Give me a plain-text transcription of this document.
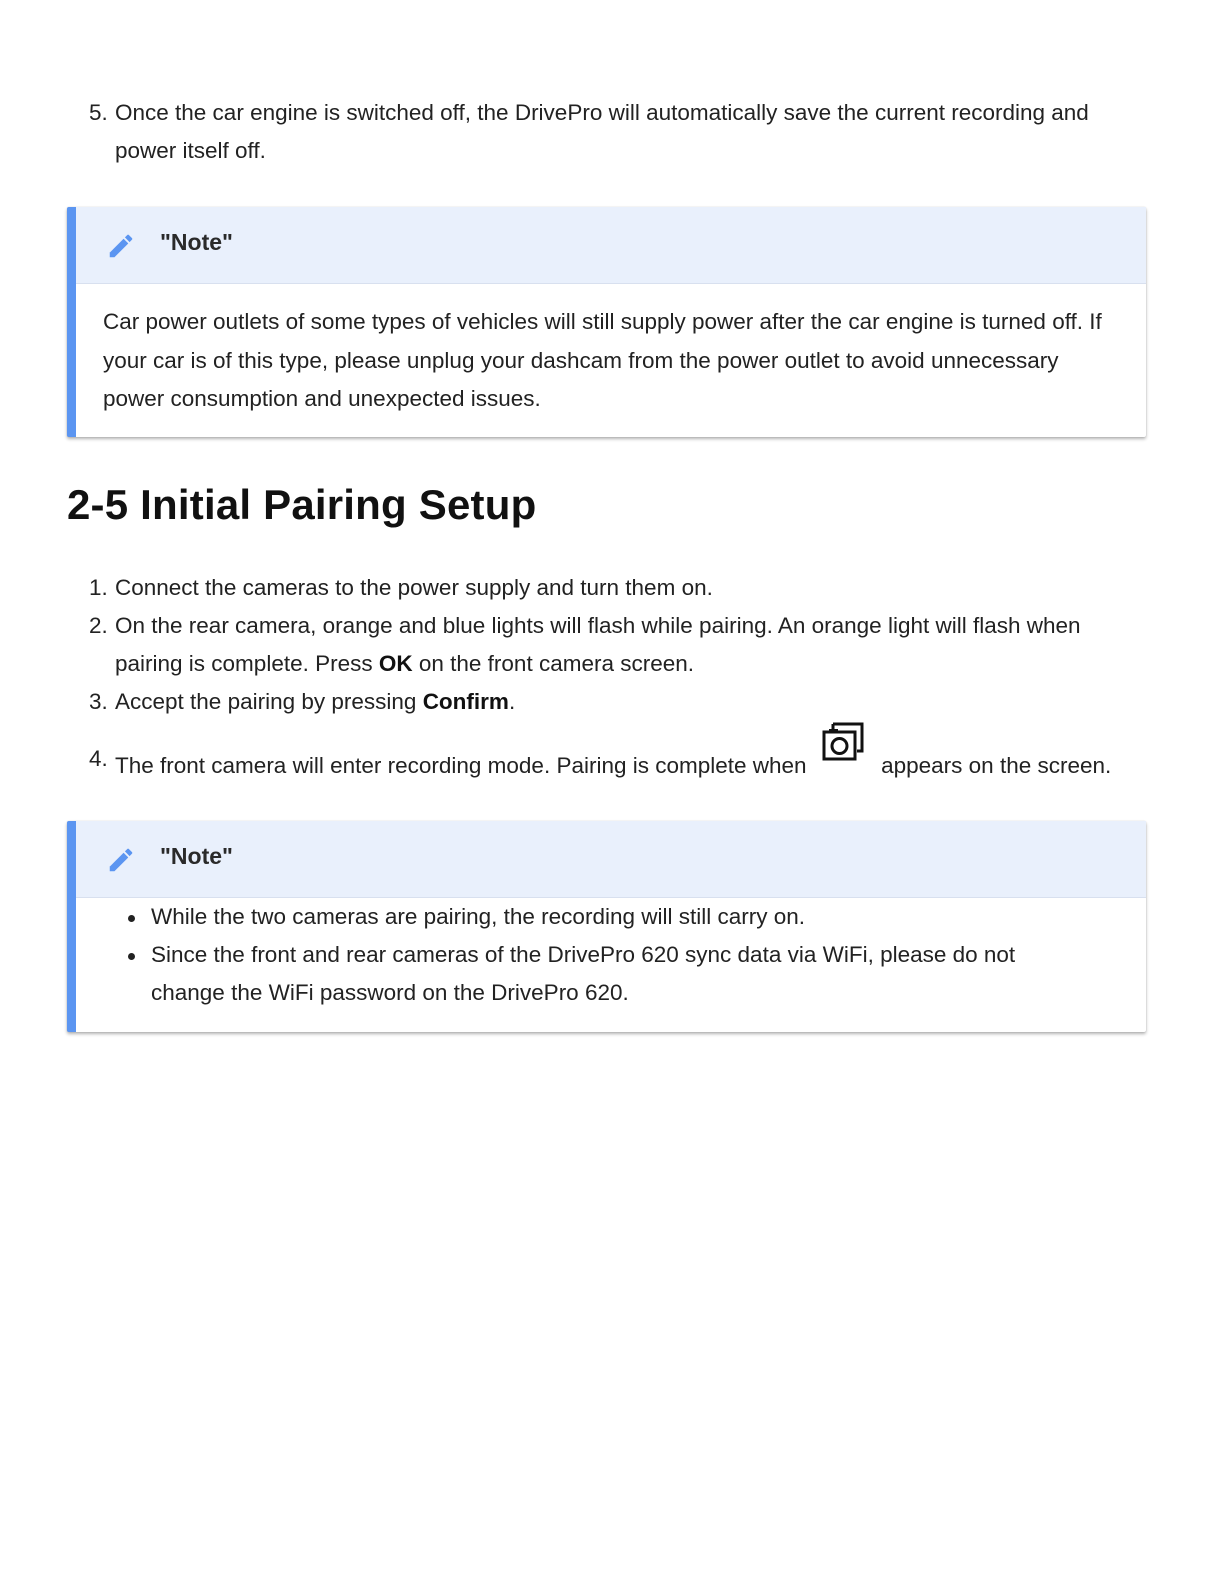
5. Once the car engine is switched off, the DrivePro will automatically save the current recording and power itself off.
"Note"
Car power outlets of some types of vehicles will still supply power after the car engine is turned off. If your car is of this type, please unplug your dashcam from the power outlet to avoid unnecessary power consumption and unexpected issues.
2-5 Initial Pairing Setup
1. Connect the cameras to the power supply and turn them on.
2. On the rear camera, orange and blue lights will flash while pairing. An orange light will flash when pairing is complete. Press OK on the front camera screen.
3. Accept the pairing by pressing Confirm.
4. The front camera will enter recording mode. Pairing is complete when	appears on the screen.
"Note"
While the two cameras are pairing, the recording will still carry on.
Since the front and rear cameras of the DrivePro 620 sync data via WiFi, please do not change the WiFi password on the DrivePro 620.
